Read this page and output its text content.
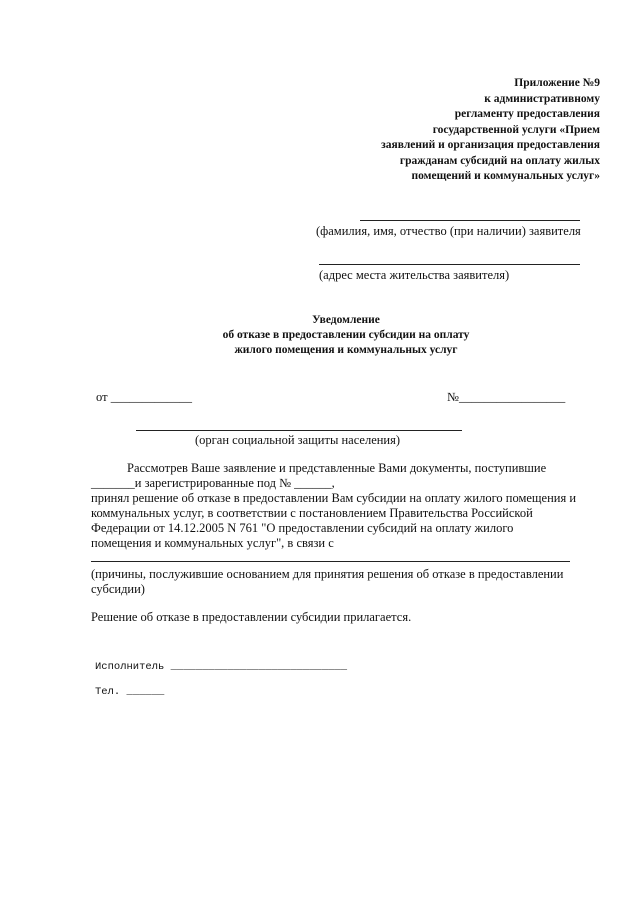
Приложение №9
к административному
регламенту предоставления
государственной услуги «Прием
заявлений и организация предоставления
гражданам субсидий на оплату жилых
помещений и коммунальных услуг»
(фамилия, имя, отчество (при наличии) заявителя
(адрес места жительства заявителя)
Уведомление
об отказе в предоставлении субсидии на оплату
жилого помещения и коммунальных услуг
от _____________	№_________________
(орган социальной защиты населения)
Рассмотрев Ваше заявление и представленные Вами документы, поступившие
_______и зарегистрированные под № ______,
принял решение об отказе в предоставлении Вам субсидии на оплату жилого помещения и
коммунальных услуг, в соответствии с постановлением Правительства Российской
Федерации от 14.12.2005 N 761 "О предоставлении субсидий на оплату жилого
помещения и коммунальных услуг", в связи с
(причины, послужившие основанием для принятия решения об отказе в предоставлении
субсидии)
Решение об отказе в предоставлении субсидии прилагается.
Исполнитель ____________________________
Тел. ______
